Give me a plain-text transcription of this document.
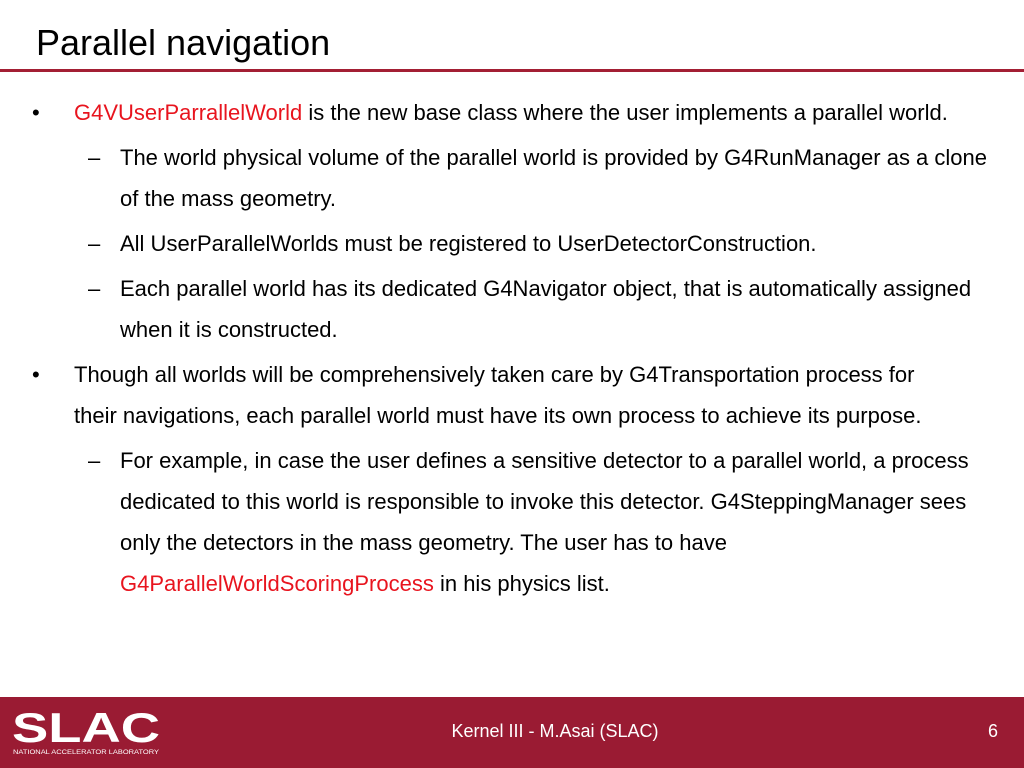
Parallel navigation
• G4VUserParrallelWorld is the new base class where the user implements a parallel world.
– The world physical volume of the parallel world is provided by G4RunManager as a clone of the mass geometry.
– All UserParallelWorlds must be registered to UserDetectorConstruction.
– Each parallel world has its dedicated G4Navigator object, that is automatically assigned when it is constructed.
• Though all worlds will be comprehensively taken care by G4Transportation process for their navigations, each parallel world must have its own process to achieve its purpose.
– For example, in case the user defines a sensitive detector to a parallel world, a process dedicated to this world is responsible to invoke this detector. G4SteppingManager sees only the detectors in the mass geometry. The user has to have G4ParallelWorldScoringProcess in his physics list.
SLAC
NATIONAL ACCELERATOR LABORATORY
Kernel III - M.Asai (SLAC)	6
